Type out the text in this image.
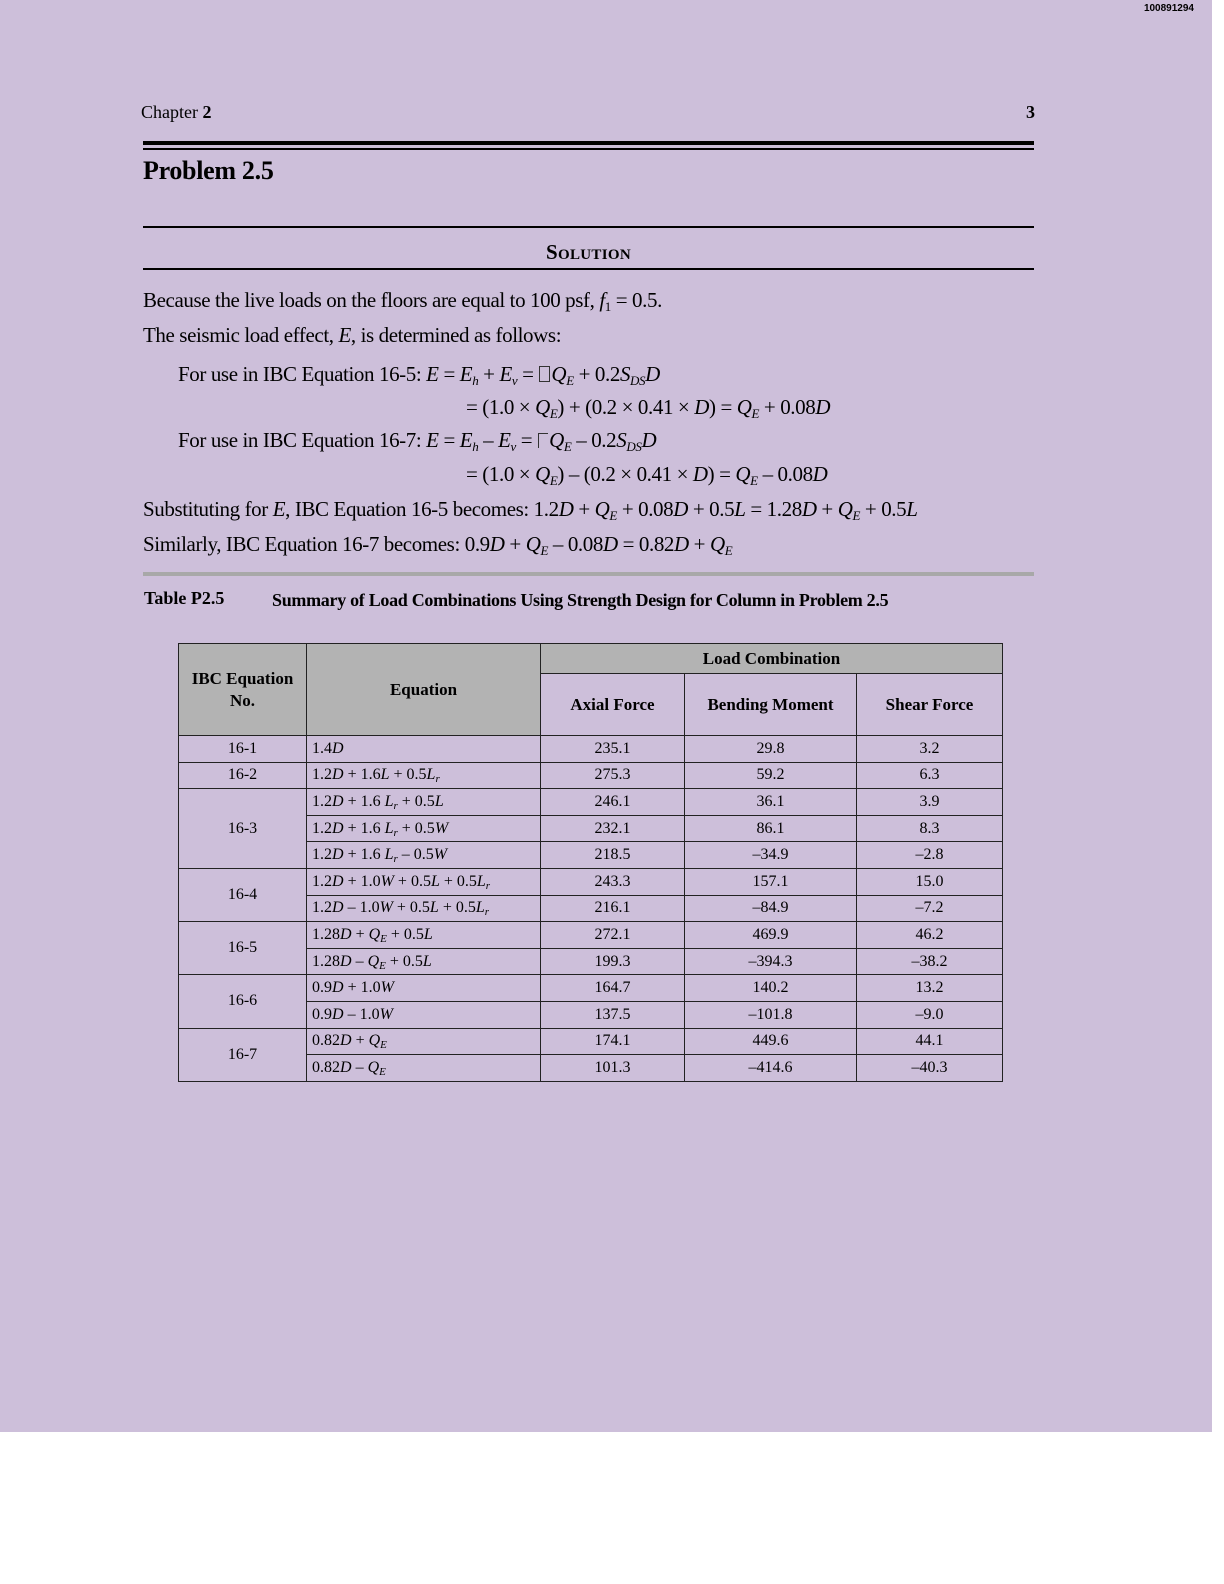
100891294
Chapter 2	3
Problem 2.5
Solution
Because the live loads on the floors are equal to 100 psf, $f_1 = 0.5$.
The seismic load effect, E, is determined as follows:
For use in IBC Equation 16-5: $E = E_h + E_v = Q_E + 0.2S_{DS}D$
= $(1.0 \times Q_E) + (0.2 \times 0.41 \times D) = Q_E + 0.08D$
For use in IBC Equation 16-7: $E = E_h - E_v = Q_E - 0.2S_{DS}D$
= $(1.0 \times Q_E) - (0.2 \times 0.41 \times D) = Q_E - 0.08D$
Substituting for E, IBC Equation 16-5 becomes: $1.2D + Q_E + 0.08D + 0.5L = 1.28D + Q_E + 0.5L$
Similarly, IBC Equation 16-7 becomes: $0.9D + Q_E - 0.08D = 0.82D + Q_E$
Table P2.5	Summary of Load Combinations Using Strength Design for Column in Problem 2.5
IBC Equation No.	Equation	Load Combination		
		Axial Force	Bending Moment	Shear Force
16-1	1.4D	235.1	29.8	3.2
16-2	$1.2D + 1.6L + 0.5L_r$	275.3	59.2	6.3
16-3	1.2D + 1.6 $L_r + 0.5L$	246.1	36.1	3.9
	1.2D + 1.6 $L_r + 0.5W$	232.1	86.1	8.3
	1.2D + 1.6 $L_r - 0.5W$	218.5	–34.9	–2.8
16-4	$1.2D + 1.0W + 0.5L + 0.5L_r$	243.3	157.1	15.0
	$1.2D - 1.0W + 0.5L + 0.5L_r$	216.1	–84.9	–7.2
16-5	$1.28D + Q_E + 0.5L$	272.1	469.9	46.2
	$1.28D - Q_E + 0.5L$	199.3	–394.3	–38.2
16-6	0.9D + 1.0W	164.7	140.2	13.2
	0.9D – 1.0W	137.5	–101.8	–9.0
16-7	$0.82D + Q_E$	174.1	449.6	44.1
	$0.82D - Q_E$	101.3	–414.6	–40.3
